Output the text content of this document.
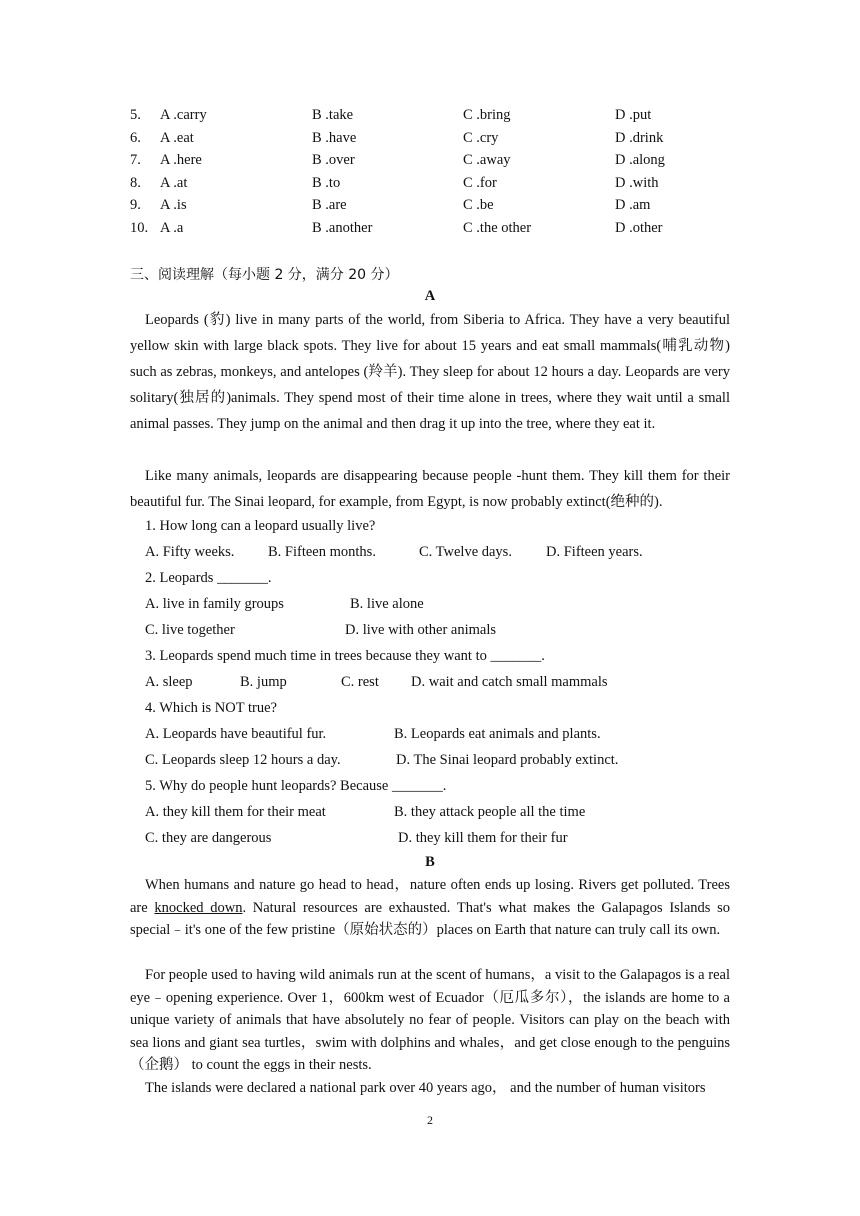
5. A .carry	B .take	C .bring	D .put
6. A .eat	B .have	C .cry	D .drink
7. A .here	B .over	C .away	D .along
8. A .at	B .to	C .for	D .with
9. A .is	B .are	C .be	D .am
10. A .a	B .another	C .the other	D .other
三、阅读理解（每小题 2 分，满分 20 分）
A
Leopards (豹) live in many parts of the world, from Siberia to Africa. They have a very beautiful yellow skin with large black spots. They live for about 15 years and eat small mammals(哺乳动物) such as zebras, monkeys, and antelopes (羚羊). They sleep for about 12 hours a day. Leopards are very solitary(独居的)animals. They spend most of their time alone in trees, where they wait until a small animal passes. They jump on the animal and then drag it up into the tree, where they eat it.
Like many animals, leopards are disappearing because people -hunt them. They kill them for their beautiful fur. The Sinai leopard, for example, from Egypt, is now probably extinct(绝种的).
1. How long can a leopard usually live?
A. Fifty weeks. B. Fifteen months.	C. Twelve days. D. Fifteen years.
2. Leopards _______.
A. live in family groups	B. live alone
C. live together	D. live with other animals
3. Leopards spend much time in trees because they want to _______.
A. sleep	B. jump	C. rest D. wait and catch small mammals
4. Which is NOT true?
A. Leopards have beautiful fur.	B. Leopards eat animals and plants.
C. Leopards sleep 12 hours a day.	D. The Sinai leopard probably extinct.
5. Why do people hunt leopards? Because _______.
A. they kill them for their meat	B. they attack people all the time
C. they are dangerous	D. they kill them for their fur
B
When humans and nature go head to head，nature often ends up losing. Rivers get polluted. Trees are knocked down. Natural resources are exhausted. That's what makes the Galapagos Islands so special﹣it's one of the few pristine（原始状态的）places on Earth that nature can truly call its own.
For people used to having wild animals run at the scent of humans，a visit to the Galapagos is a real eye﹣opening experience. Over 1，600km west of Ecuador（厄瓜多尔），the islands are home to a unique variety of animals that have absolutely no fear of people. Visitors can play on the beach with sea lions and giant sea turtles，swim with dolphins and whales，and get close enough to the penguins（企鹅） to count the eggs in their nests.
The islands were declared a national park over 40 years ago， and the number of human visitors
2
